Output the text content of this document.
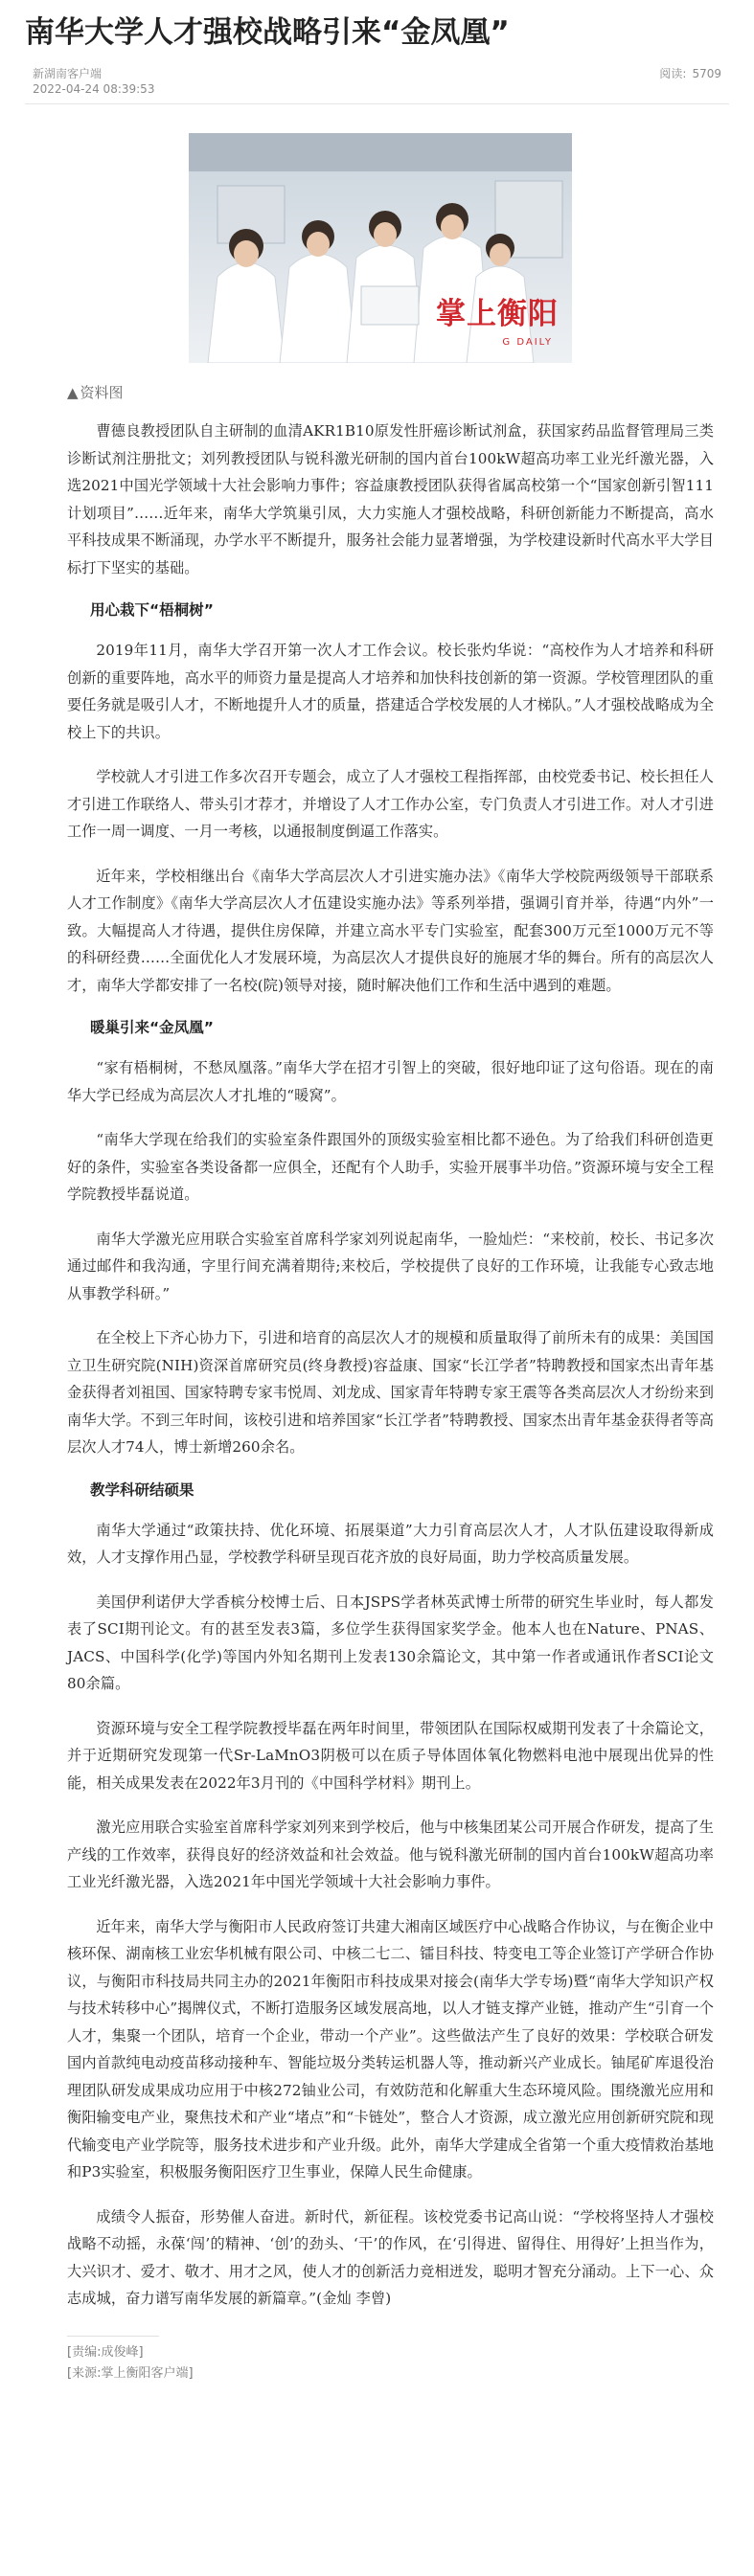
南华大学人才强校战略引来“金凤凰”
新湖南客户端
2022-04-24 08:39:53
阅读: 5709
掌上衡阳
G DAILY
▲ 资料图
曹德良教授团队自主研制的血清AKR1B10原发性肝癌诊断试剂盒，获国家药品监督管理局三类诊断试剂注册批文；刘列教授团队与锐科激光研制的国内首台100kW超高功率工业光纤激光器，入选2021中国光学领域十大社会影响力事件；容益康教授团队获得省属高校第一个“国家创新引智111计划项目”……近年来，南华大学筑巢引凤，大力实施人才强校战略，科研创新能力不断提高，高水平科技成果不断涌现，办学水平不断提升，服务社会能力显著增强，为学校建设新时代高水平大学目标打下坚实的基础。
用心栽下“梧桐树”
2019年11月，南华大学召开第一次人才工作会议。校长张灼华说：“高校作为人才培养和科研创新的重要阵地，高水平的师资力量是提高人才培养和加快科技创新的第一资源。学校管理团队的重要任务就是吸引人才，不断地提升人才的质量，搭建适合学校发展的人才梯队。”人才强校战略成为全校上下的共识。
学校就人才引进工作多次召开专题会，成立了人才强校工程指挥部，由校党委书记、校长担任人才引进工作联络人、带头引才荐才，并增设了人才工作办公室，专门负责人才引进工作。对人才引进工作一周一调度、一月一考核，以通报制度倒逼工作落实。
近年来，学校相继出台《南华大学高层次人才引进实施办法》《南华大学校院两级领导干部联系人才工作制度》《南华大学高层次人才伍建设实施办法》等系列举措，强调引育并举，待遇“内外”一致。大幅提高人才待遇，提供住房保障，并建立高水平专门实验室，配套300万元至1000万元不等的科研经费……全面优化人才发展环境，为高层次人才提供良好的施展才华的舞台。所有的高层次人才，南华大学都安排了一名校(院)领导对接，随时解决他们工作和生活中遇到的难题。
暖巢引来“金凤凰”
“家有梧桐树，不愁凤凰落。”南华大学在招才引智上的突破，很好地印证了这句俗语。现在的南华大学已经成为高层次人才扎堆的“暖窝”。
“南华大学现在给我们的实验室条件跟国外的顶级实验室相比都不逊色。为了给我们科研创造更好的条件，实验室各类设备都一应俱全，还配有个人助手，实验开展事半功倍。”资源环境与安全工程学院教授毕磊说道。
南华大学激光应用联合实验室首席科学家刘列说起南华，一脸灿烂：“来校前，校长、书记多次通过邮件和我沟通，字里行间充满着期待;来校后，学校提供了良好的工作环境，让我能专心致志地从事教学科研。”
在全校上下齐心协力下，引进和培育的高层次人才的规模和质量取得了前所未有的成果：美国国立卫生研究院(NIH)资深首席研究员(终身教授)容益康、国家“长江学者”特聘教授和国家杰出青年基金获得者刘祖国、国家特聘专家韦悦周、刘龙成、国家青年特聘专家王震等各类高层次人才纷纷来到南华大学。不到三年时间，该校引进和培养国家“长江学者”特聘教授、国家杰出青年基金获得者等高层次人才74人，博士新增260余名。
教学科研结硕果
南华大学通过“政策扶持、优化环境、拓展渠道”大力引育高层次人才，人才队伍建设取得新成效，人才支撑作用凸显，学校教学科研呈现百花齐放的良好局面，助力学校高质量发展。
美国伊利诺伊大学香槟分校博士后、日本JSPS学者林英武博士所带的研究生毕业时，每人都发表了SCI期刊论文。有的甚至发表3篇，多位学生获得国家奖学金。他本人也在Nature、PNAS、JACS、中国科学(化学)等国内外知名期刊上发表130余篇论文，其中第一作者或通讯作者SCI论文80余篇。
资源环境与安全工程学院教授毕磊在两年时间里，带领团队在国际权威期刊发表了十余篇论文，并于近期研究发现第一代Sr-LaMnO3阴极可以在质子导体固体氧化物燃料电池中展现出优异的性能，相关成果发表在2022年3月刊的《中国科学材料》期刊上。
激光应用联合实验室首席科学家刘列来到学校后，他与中核集团某公司开展合作研发，提高了生产线的工作效率，获得良好的经济效益和社会效益。他与锐科激光研制的国内首台100kW超高功率工业光纤激光器，入选2021年中国光学领域十大社会影响力事件。
近年来，南华大学与衡阳市人民政府签订共建大湘南区域医疗中心战略合作协议，与在衡企业中核环保、湖南核工业宏华机械有限公司、中核二七二、镭目科技、特变电工等企业签订产学研合作协议，与衡阳市科技局共同主办的2021年衡阳市科技成果对接会(南华大学专场)暨“南华大学知识产权与技术转移中心”揭牌仪式，不断打造服务区域发展高地，以人才链支撑产业链，推动产生“引育一个人才，集聚一个团队，培育一个企业，带动一个产业”。这些做法产生了良好的效果：学校联合研发国内首款纯电动疫苗移动接种车、智能垃圾分类转运机器人等，推动新兴产业成长。铀尾矿库退役治理团队研发成果成功应用于中核272铀业公司，有效防范和化解重大生态环境风险。围绕激光应用和衡阳输变电产业，聚焦技术和产业“堵点”和“卡链处”，整合人才资源，成立激光应用创新研究院和现代输变电产业学院等，服务技术进步和产业升级。此外，南华大学建成全省第一个重大疫情救治基地和P3实验室，积极服务衡阳医疗卫生事业，保障人民生命健康。
成绩令人振奋，形势催人奋进。新时代，新征程。该校党委书记高山说：“学校将坚持人才强校战略不动摇，永葆‘闯’的精神、‘创’的劲头、‘干’的作风，在‘引得进、留得住、用得好’上担当作为，大兴识才、爱才、敬才、用才之风，使人才的创新活力竞相迸发，聪明才智充分涌动。上下一心、众志成城，奋力谱写南华发展的新篇章。”(金灿 李曾)
[责编:成俊峰]
[来源:掌上衡阳客户端]
